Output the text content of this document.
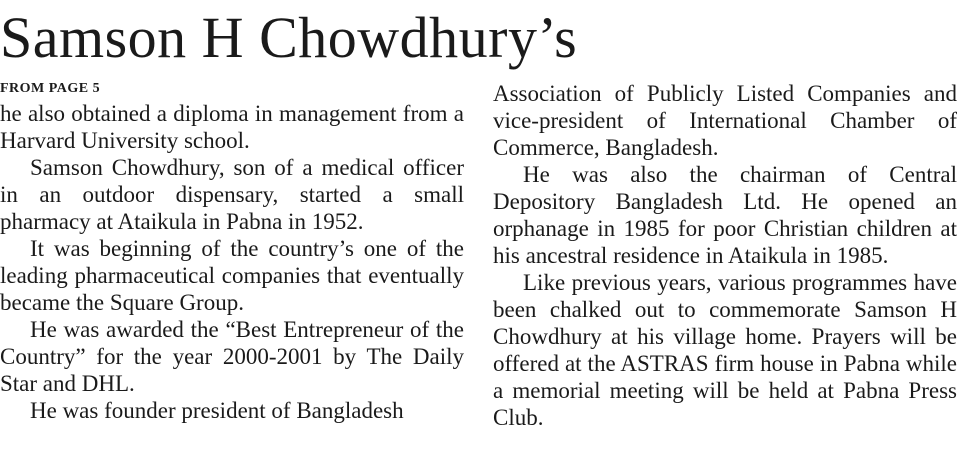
Samson H Chowdhury’s
FROM PAGE 5

he also obtained a diploma in management from a Harvard University school.

Samson Chowdhury, son of a medical officer in an outdoor dispensary, started a small pharmacy at Ataikula in Pabna in 1952.

It was beginning of the country’s one of the leading pharmaceutical companies that eventually became the Square Group.

He was awarded the “Best Entrepreneur of the Country” for the year 2000-2001 by The Daily Star and DHL.

He was founder president of Bangladesh

Association of Publicly Listed Companies and vice-president of International Chamber of Commerce, Bangladesh.

He was also the chairman of Central Depository Bangladesh Ltd. He opened an orphanage in 1985 for poor Christian children at his ancestral residence in Ataikula in 1985.

Like previous years, various programmes have been chalked out to commemorate Samson H Chowdhury at his village home. Prayers will be offered at the ASTRAS firm house in Pabna while a memorial meeting will be held at Pabna Press Club.
